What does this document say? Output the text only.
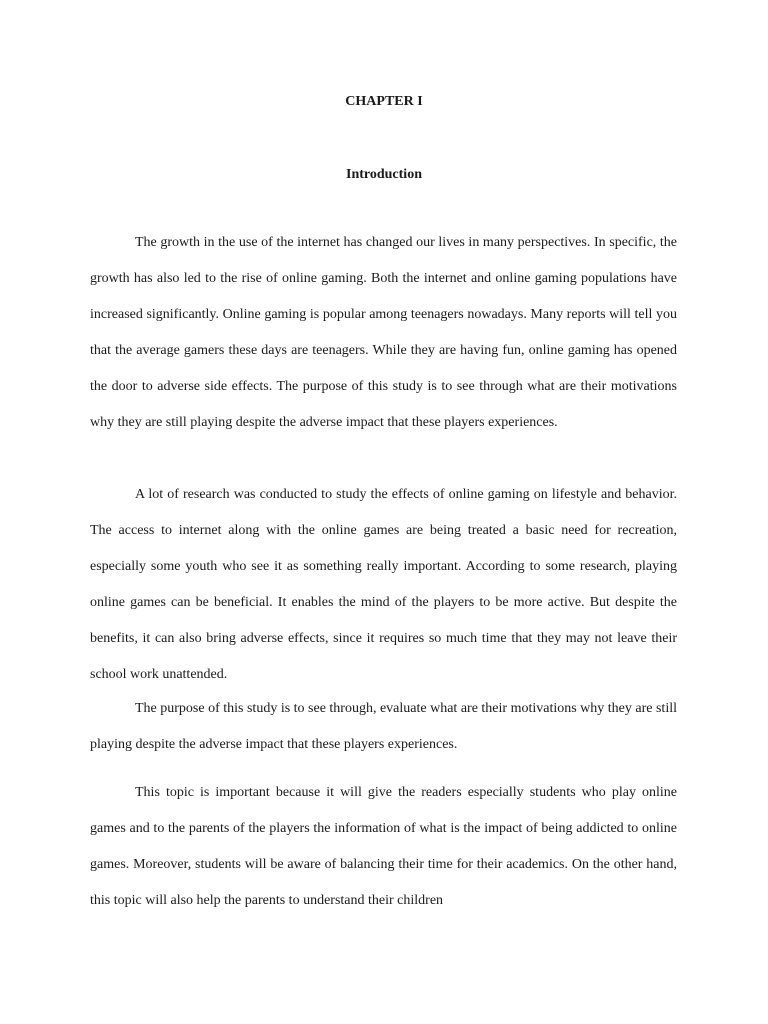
CHAPTER I
Introduction

The growth in the use of the internet has changed our lives in many perspectives. In specific, the growth has also led to the rise of online gaming. Both the internet and online gaming populations have increased significantly. Online gaming is popular among teenagers nowadays. Many reports will tell you that the average gamers these days are teenagers. While they are having fun, online gaming has opened the door to adverse side effects. The purpose of this study is to see through what are their motivations why they are still playing despite the adverse impact that these players experiences.

A lot of research was conducted to study the effects of online gaming on lifestyle and behavior. The access to internet along with the online games are being treated a basic need for recreation, especially some youth who see it as something really important. According to some research, playing online games can be beneficial. It enables the mind of the players to be more active. But despite the benefits, it can also bring adverse effects, since it requires so much time that they may not leave their school work unattended.

The purpose of this study is to see through, evaluate what are their motivations why they are still playing despite the adverse impact that these players experiences.

This topic is important because it will give the readers especially students who play online games and to the parents of the players the information of what is the impact of being addicted to online games. Moreover, students will be aware of balancing their time for their academics. On the other hand, this topic will also help the parents to understand their children
